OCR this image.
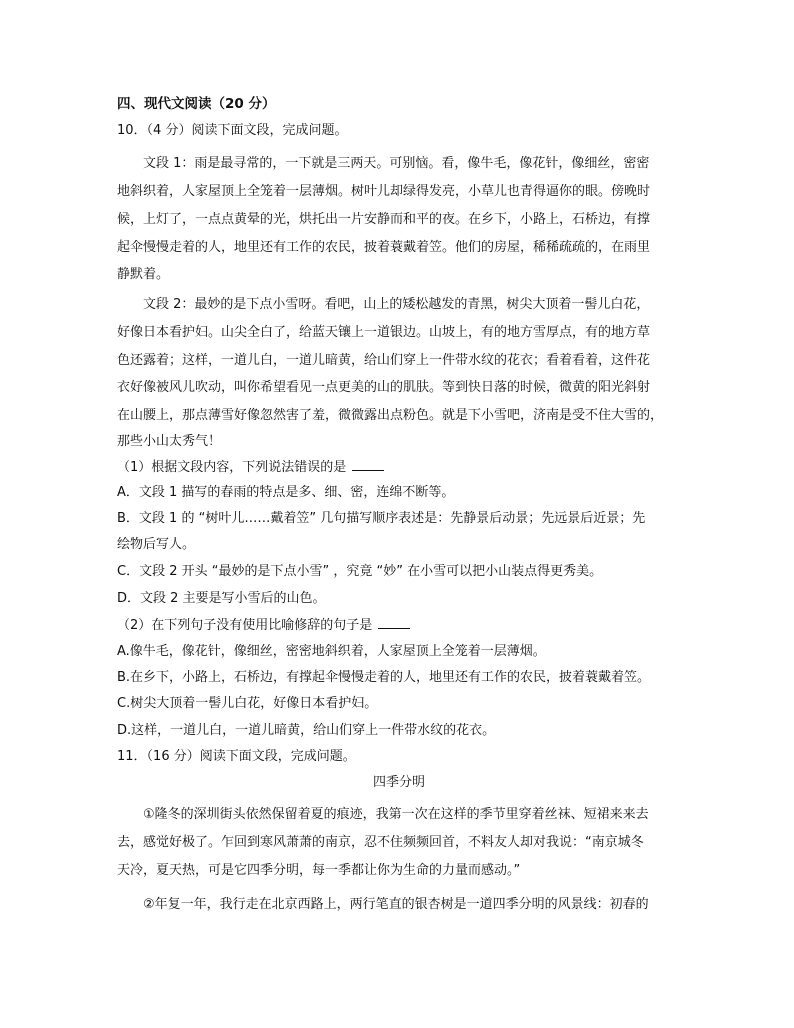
四、现代文阅读（20 分）
10．（4 分）阅读下面文段，完成问题。
文段 1：雨是最寻常的，一下就是三两天。可别恼。看，像牛毛，像花针，像细丝，密密
地斜织着，人家屋顶上全笼着一层薄烟。树叶儿却绿得发亮，小草儿也青得逼你的眼。傍晚时
候，上灯了，一点点黄晕的光，烘托出一片安静而和平的夜。在乡下，小路上，石桥边，有撑
起伞慢慢走着的人，地里还有工作的农民，披着蓑戴着笠。他们的房屋，稀稀疏疏的，在雨里
静默着。
文段 2：最妙的是下点小雪呀。看吧，山上的矮松越发的青黑，树尖大顶着一髻儿白花，
好像日本看护妇。山尖全白了，给蓝天镶上一道银边。山坡上，有的地方雪厚点，有的地方草
色还露着；这样，一道儿白，一道儿暗黄，给山们穿上一件带水纹的花衣；看着看着，这件花
衣好像被风儿吹动，叫你希望看见一点更美的山的肌肤。等到快日落的时候，微黄的阳光斜射
在山腰上，那点薄雪好像忽然害了羞，微微露出点粉色。就是下小雪吧，济南是受不住大雪的，
那些小山太秀气！
（1）根据文段内容，下列说法错误的是
A．文段 1 描写的春雨的特点是多、细、密，连绵不断等。
B．文段 1 的 “树叶儿……戴着笠” 几句描写顺序表述是：先静景后动景；先远景后近景；先
绘物后写人。
C．文段 2 开头 “最妙的是下点小雪” ，究竟 “妙” 在小雪可以把小山装点得更秀美。
D．文段 2 主要是写小雪后的山色。
（2）在下列句子没有使用比喻修辞的句子是
A.像牛毛，像花针，像细丝，密密地斜织着，人家屋顶上全笼着一层薄烟。
B.在乡下，小路上，石桥边，有撑起伞慢慢走着的人，地里还有工作的农民，披着蓑戴着笠。
C.树尖大顶着一髻儿白花，好像日本看护妇。
D.这样，一道儿白，一道儿暗黄，给山们穿上一件带水纹的花衣。
11．（16 分）阅读下面文段，完成问题。
四季分明
①隆冬的深圳街头依然保留着夏的痕迹，我第一次在这样的季节里穿着丝袜、短裙来来去
去，感觉好极了。乍回到寒风萧萧的南京，忍不住频频回首，不料友人却对我说：“南京城冬
天冷，夏天热，可是它四季分明，每一季都让你为生命的力量而感动。”
②年复一年，我行走在北京西路上，两行笔直的银杏树是一道四季分明的风景线：初春的
